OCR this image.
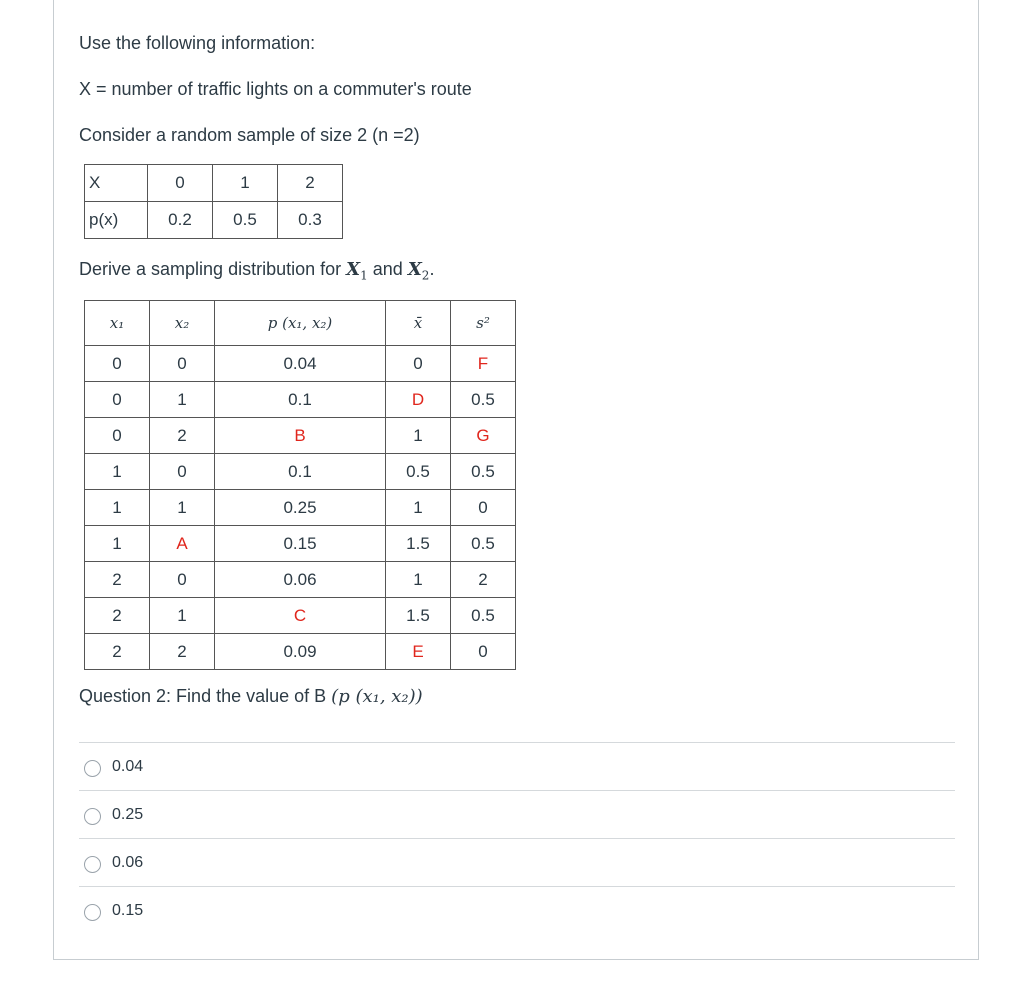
Use the following information:
X = number of traffic lights on a commuter's route
Consider a random sample of size 2 (n =2)
X	0	1	2
p(x)	0.2	0.5	0.3
Derive a sampling distribution for $X_1$ and $X_2$.
x₁	x₂	p (x₁, x₂)	x̄	s²
0	0	0.04	0	F
0	1	0.1	D	0.5
0	2	B	1	G
1	0	0.1	0.5	0.5
1	1	0.25	1	0
1	A	0.15	1.5	0.5
2	0	0.06	1	2
2	1	C	1.5	0.5
2	2	0.09	E	0
Question 2: Find the value of B (p (x₁, x₂))
0.04
0.25
0.06
0.15
